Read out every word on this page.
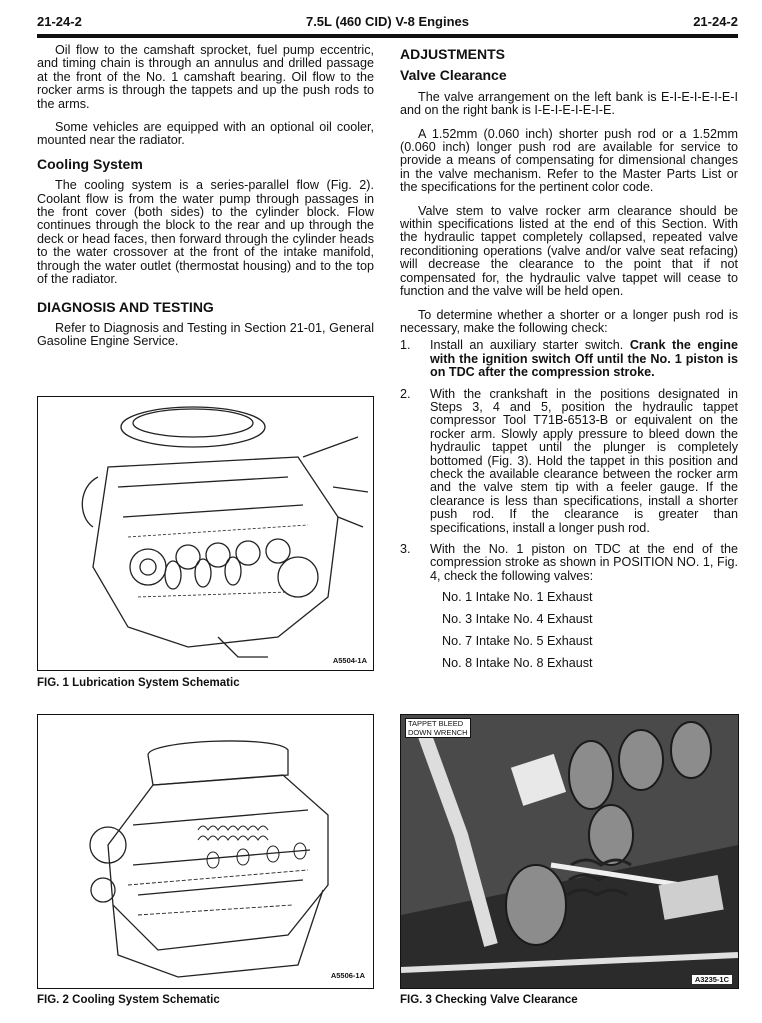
21-24-2	7.5L (460 CID) V-8 Engines	21-24-2

Oil flow to the camshaft sprocket, fuel pump eccentric, and timing chain is through an annulus and drilled passage at the front of the No. 1 camshaft bearing. Oil flow to the rocker arms is through the tappets and up the push rods to the arms.

Some vehicles are equipped with an optional oil cooler, mounted near the radiator.

Cooling System

The cooling system is a series-parallel flow (Fig. 2). Coolant flow is from the water pump through passages in the front cover (both sides) to the cylinder block. Flow continues through the block to the rear and up through the deck or head faces, then forward through the cylinder heads to the water crossover at the front of the intake manifold, through the water outlet (thermostat housing) and to the top of the radiator.

DIAGNOSIS AND TESTING

Refer to Diagnosis and Testing in Section 21-01, General Gasoline Engine Service.

ADJUSTMENTS
Valve Clearance

The valve arrangement on the left bank is E-I-E-I-E-I-E-I and on the right bank is I-E-I-E-I-E-I-E.

A 1.52mm (0.060 inch) shorter push rod or a 1.52mm (0.060 inch) longer push rod are available for service to provide a means of compensating for dimensional changes in the valve mechanism. Refer to the Master Parts List or the specifications for the pertinent color code.

Valve stem to valve rocker arm clearance should be within specifications listed at the end of this Section. With the hydraulic tappet completely collapsed, repeated valve reconditioning operations (valve and/or valve seat refacing) will decrease the clearance to the point that if not compensated for, the hydraulic valve tappet will cease to function and the valve will be held open.

To determine whether a shorter or a longer push rod is necessary, make the following check:

1. Install an auxiliary starter switch. Crank the engine with the ignition switch Off until the No. 1 piston is on TDC after the compression stroke.
2. With the crankshaft in the positions designated in Steps 3, 4 and 5, position the hydraulic tappet compressor Tool T71B-6513-B or equivalent on the rocker arm. Slowly apply pressure to bleed down the hydraulic tappet until the plunger is completely bottomed (Fig. 3). Hold the tappet in this position and check the available clearance between the rocker arm and the valve stem tip with a feeler gauge. If the clearance is less than specifications, install a shorter push rod. If the clearance is greater than specifications, install a longer push rod.
3. With the No. 1 piston on TDC at the end of the compression stroke as shown in POSITION NO. 1, Fig. 4, check the following valves:
No. 1 Intake No. 1 Exhaust
No. 3 Intake No. 4 Exhaust
No. 7 Intake No. 5 Exhaust
No. 8 Intake No. 8 Exhaust
A5504-1A
FIG. 1 Lubrication System Schematic
A5506-1A
FIG. 2 Cooling System Schematic
TAPPET BLEED
DOWN WRENCH
A3235-1C
FIG. 3 Checking Valve Clearance
